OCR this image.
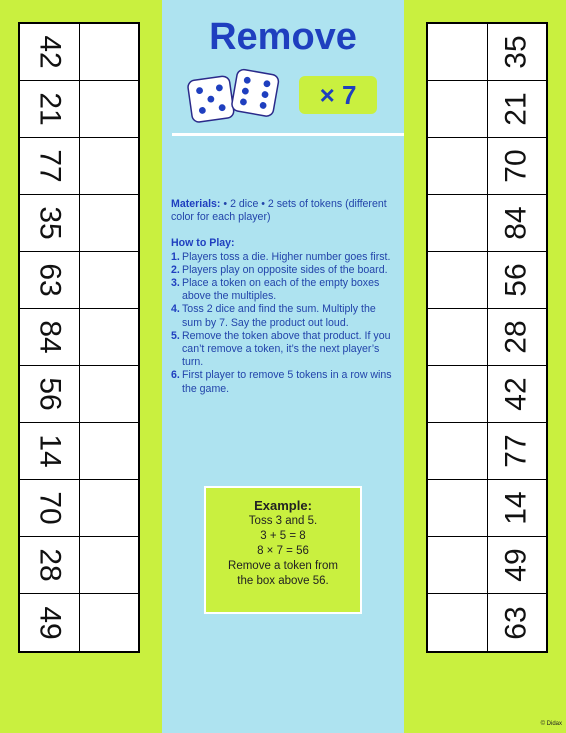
42
21
77
35
63
84
56
14
70
28
49
Remove
× 7
Materials: • 2 dice • 2 sets of tokens (different color for each player)
How to Play:
1. Players toss a die. Higher number goes first.
2. Players play on opposite sides of the board.
3. Place a token on each of the empty boxes above the multiples.
4. Toss 2 dice and find the sum. Multiply the sum by 7. Say the product out loud.
5. Remove the token above that product. If you can’t remove a token, it’s the next player’s turn.
6. First player to remove 5 tokens in a row wins the game.
Example:
Toss 3 and 5.
3 + 5 = 8
8 × 7 = 56
Remove a token from
the box above 56.
35
21
70
84
56
28
42
77
14
49
63
© Didax
